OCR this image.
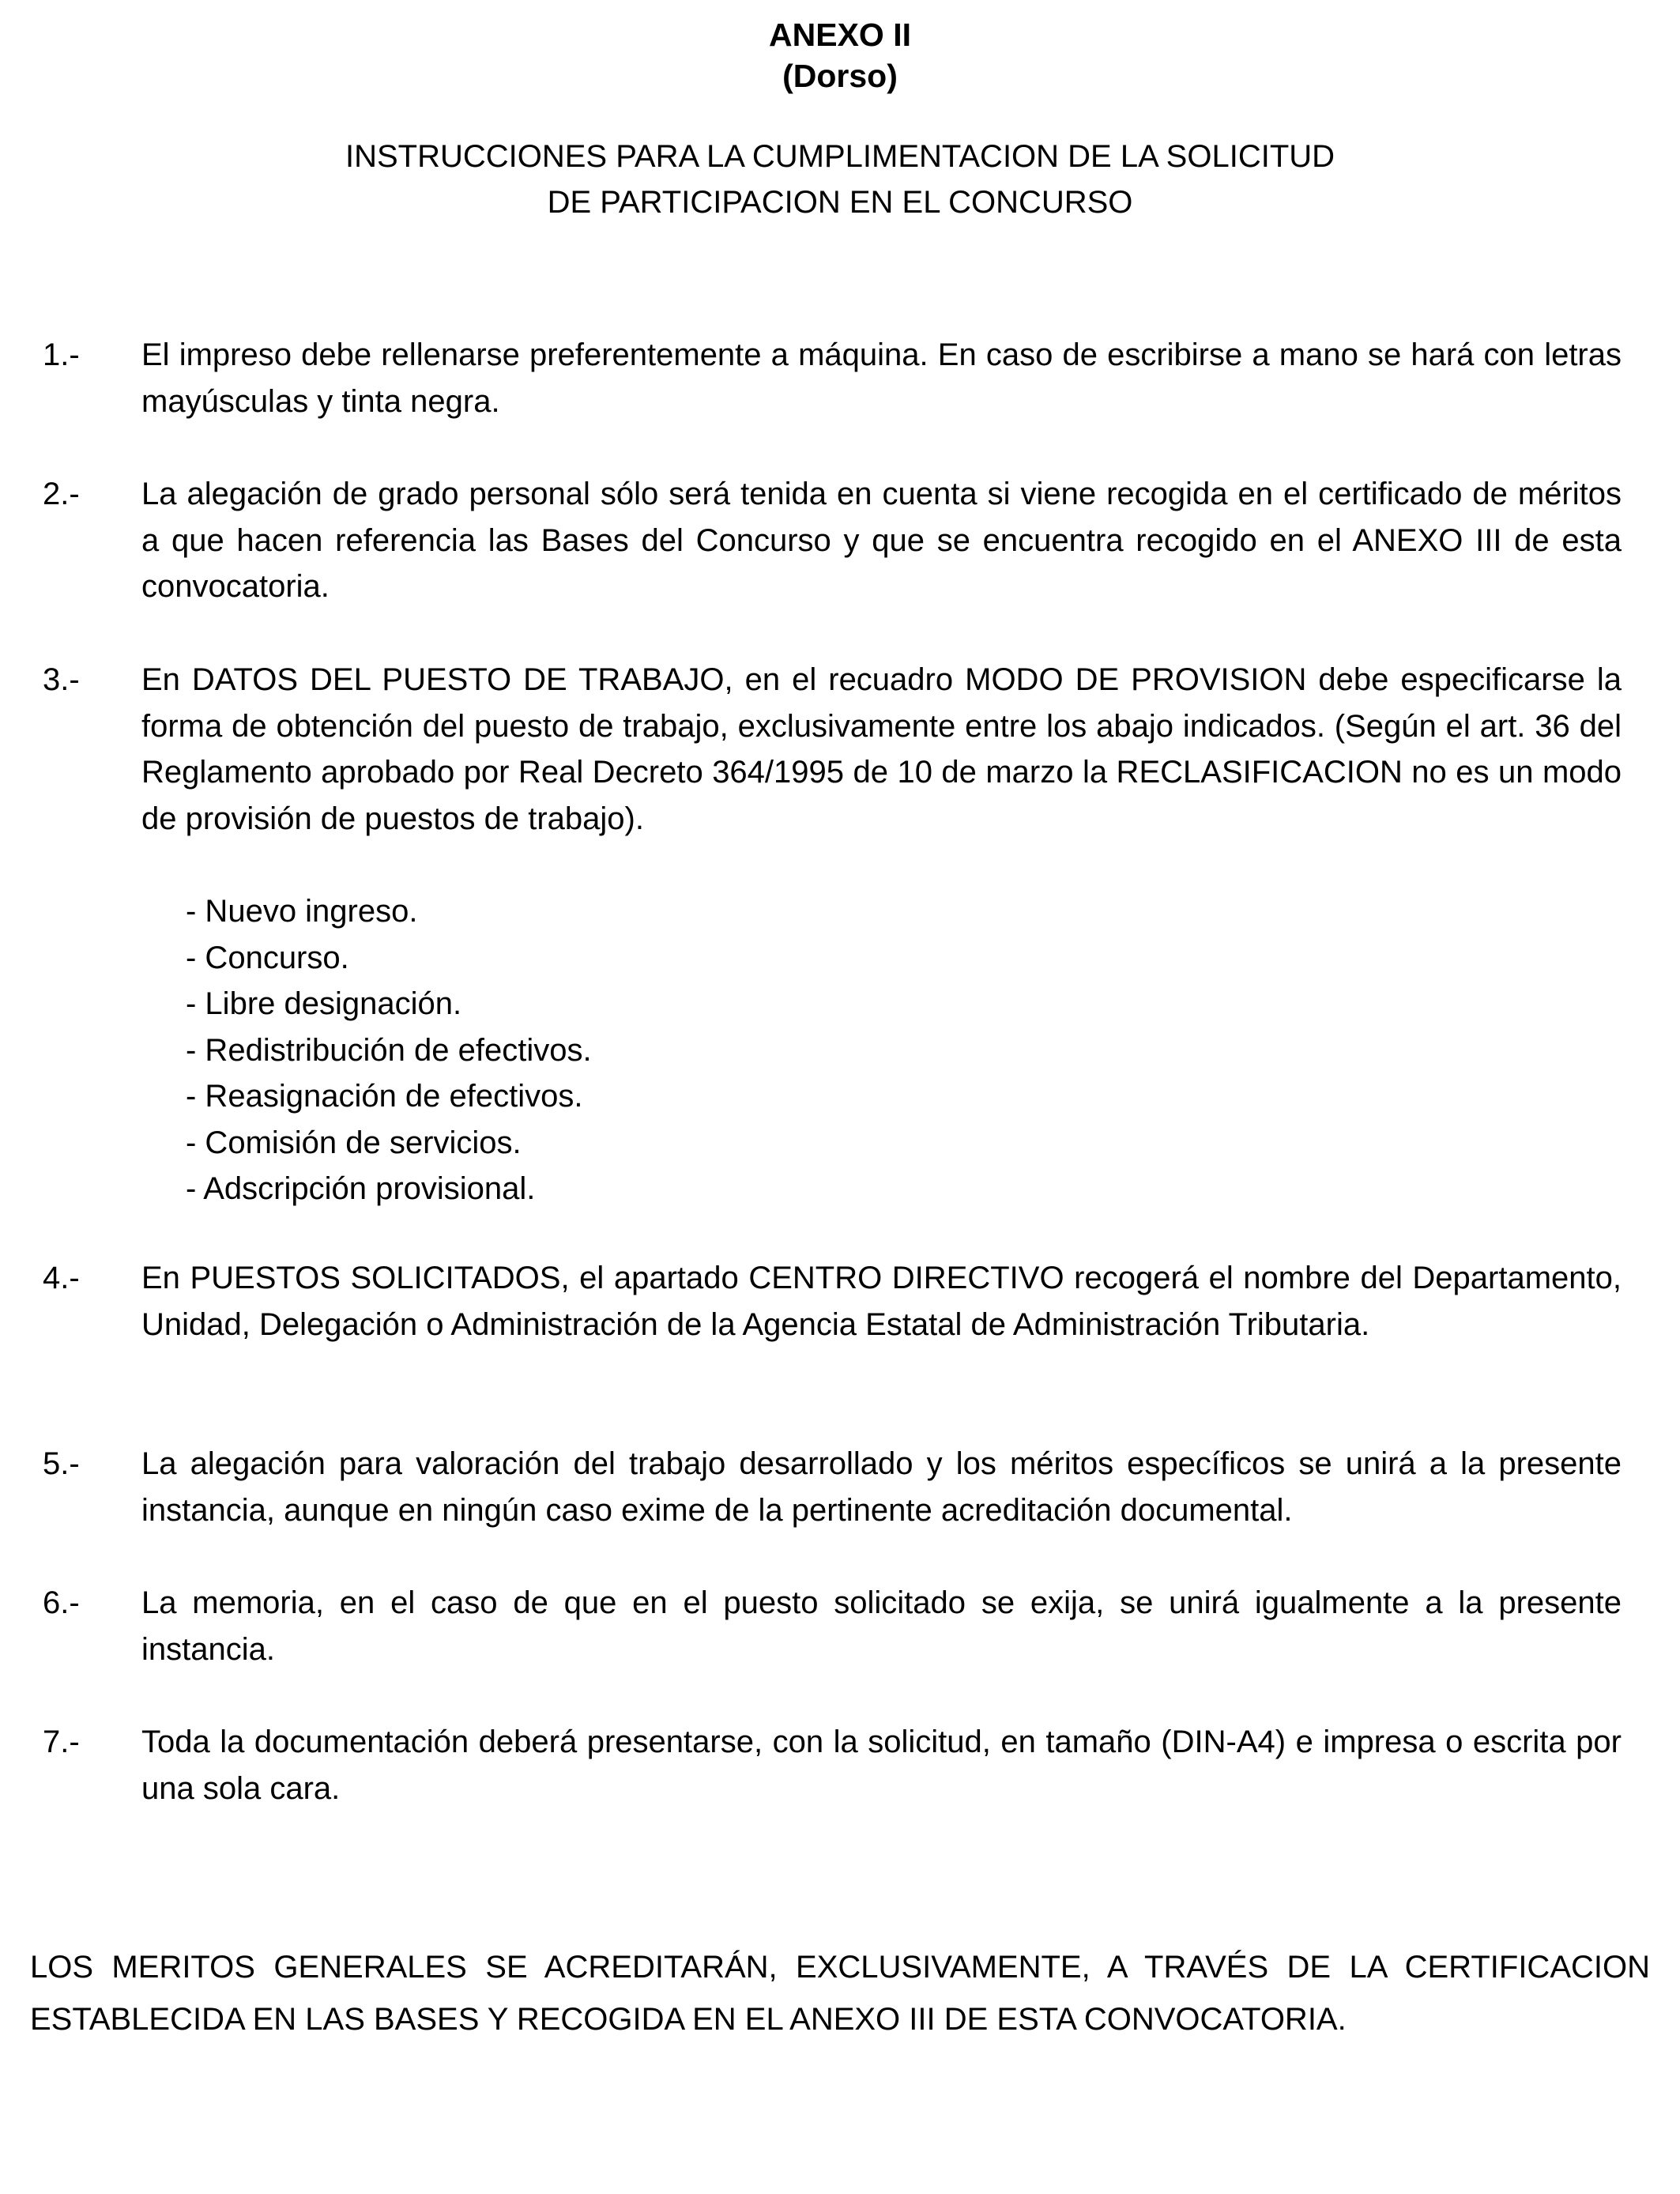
ANEXO II
(Dorso)
INSTRUCCIONES PARA LA CUMPLIMENTACION DE LA SOLICITUD
DE PARTICIPACION EN EL CONCURSO
1.- El impreso debe rellenarse preferentemente a máquina. En caso de escribirse a mano se hará con letras mayúsculas y tinta negra.
2.- La alegación de grado personal sólo será tenida en cuenta si viene recogida en el certificado de méritos a que hacen referencia las Bases del Concurso y que se encuentra recogido en el ANEXO III de esta convocatoria.
3.- En DATOS DEL PUESTO DE TRABAJO, en el recuadro MODO DE PROVISION debe especificarse la forma de obtención del puesto de trabajo, exclusivamente entre los abajo indicados. (Según el art. 36 del Reglamento aprobado por Real Decreto 364/1995 de 10 de marzo la RECLASIFICACION no es un modo de provisión de puestos de trabajo).
- Nuevo ingreso.
- Concurso.
- Libre designación.
- Redistribución de efectivos.
- Reasignación de efectivos.
- Comisión de servicios.
- Adscripción provisional.
4.- En PUESTOS SOLICITADOS, el apartado CENTRO DIRECTIVO recogerá el nombre del Departamento, Unidad, Delegación o Administración de la Agencia Estatal de Administración Tributaria.
5.- La alegación para valoración del trabajo desarrollado y los méritos específicos se unirá a la presente instancia, aunque en ningún caso exime de la pertinente acreditación documental.
6.- La memoria, en el caso de que en el puesto solicitado se exija, se unirá igualmente a la presente instancia.
7.- Toda la documentación deberá presentarse, con la solicitud, en tamaño (DIN-A4) e impresa o escrita por una sola cara.
LOS MERITOS GENERALES SE ACREDITARÁN, EXCLUSIVAMENTE, A TRAVÉS DE LA CERTIFICACION ESTABLECIDA EN LAS BASES Y RECOGIDA EN EL ANEXO III DE ESTA CONVOCATORIA.
